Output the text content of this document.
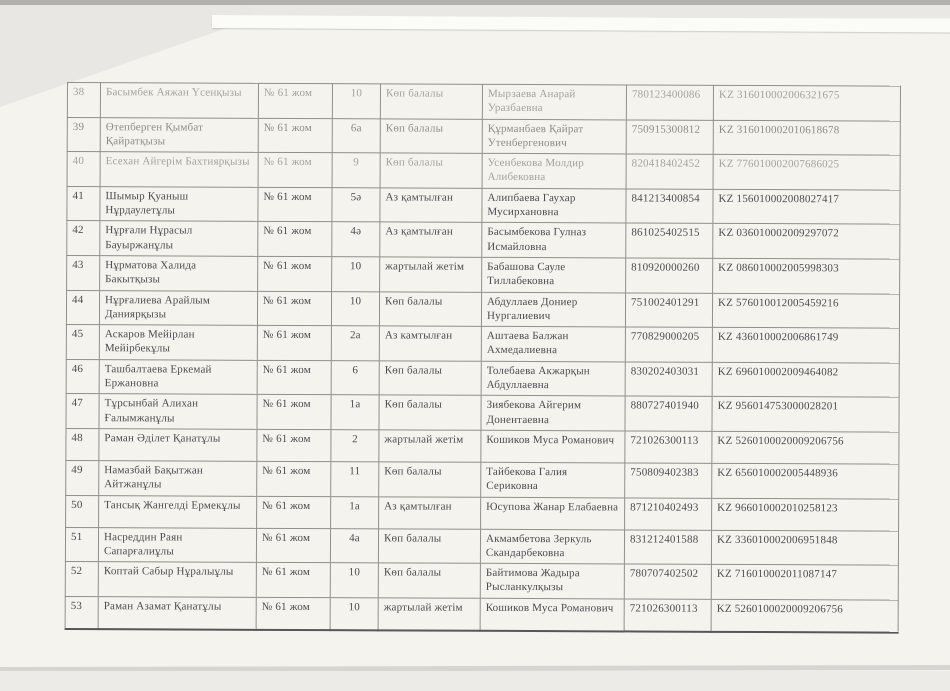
38	Басымбек Аяжан Үсенқызы	№ 61 жом	10	Көп балалы	Мырзаева Анарай Уразбаевна	780123400086	KZ 316010002006321675
39	Өтепберген Қымбат Қайратқызы	№ 61 жом	6а	Көп балалы	Құрманбаев Қайрат Утенбергенович	750915300812	KZ 316010002010618678
40	Есехан Айгерім Бахтиярқызы	№ 61 жом	9	Көп балалы	Усенбекова Молдир Алибековна	820418402452	KZ 776010002007686025
41	Шымыр Қуаныш Нұрдаулетұлы	№ 61 жом	5ә	Аз қамтылған	Алипбаева Гаухар Мусирхановна	841213400854	KZ 156010002008027417
42	Нұрғали Нұрасыл Бауыржанұлы	№ 61 жом	4ә	Аз қамтылған	Басымбекова Гулназ Исмайловна	861025402515	KZ 036010002009297072
43	Нұрматова Халида Бакытқызы	№ 61 жом	10	жартылай жетім	Бабашова Сауле Тиллабековна	810920000260	KZ 086010002005998303
44	Нұрғалиева Арайлым Даниярқызы	№ 61 жом	10	Көп балалы	Абдуллаев Дониер Нургалиевич	751002401291	KZ 576010012005459216
45	Аскаров Мейірлан Мейірбекұлы	№ 61 жом	2а	Аз камтылған	Аштаева Балжан Ахмедалиевна	770829000205	KZ 436010002006861749
46	Ташбалтаева Еркемай Ержановна	№ 61 жом	6	Көп балалы	Толебаева Акжарқын Абдуллаевна	830202403031	KZ 696010002009464082
47	Тұрсынбай Алихан Ғалымжанұлы	№ 61 жом	1а	Көп балалы	Зиябекова Айгерим Донентаевна	880727401940	KZ 956014753000028201
48	Раман Әділет Қанатұлы	№ 61 жом	2	жартылай жетім	Кошиков Муса Романович	721026300113	KZ 5260100020009206756
49	Намазбай Бақытжан Айтжанұлы	№ 61 жом	11	Көп балалы	Тайбекова Галия Сериковна	750809402383	KZ 656010002005448936
50	Тансық Жангелді Ермекұлы	№ 61 жом	1а	Аз қамтылған	Юсупова Жанар Елабаевна	871210402493	KZ 966010002010258123
51	Насреддин Раян Сапарғалиұлы	№ 61 жом	4а	Көп балалы	Акмамбетова Зеркуль Скандарбековна	831212401588	KZ 336010002006951848
52	Коптай Сабыр Нұралыұлы	№ 61 жом	10	Көп балалы	Байтимова Жадыра Рысланкулқызы	780707402502	KZ 716010002011087147
53	Раман Азамат Қанатұлы	№ 61 жом	10	жартылай жетім	Кошиков Муса Романович	721026300113	KZ 5260100020009206756
